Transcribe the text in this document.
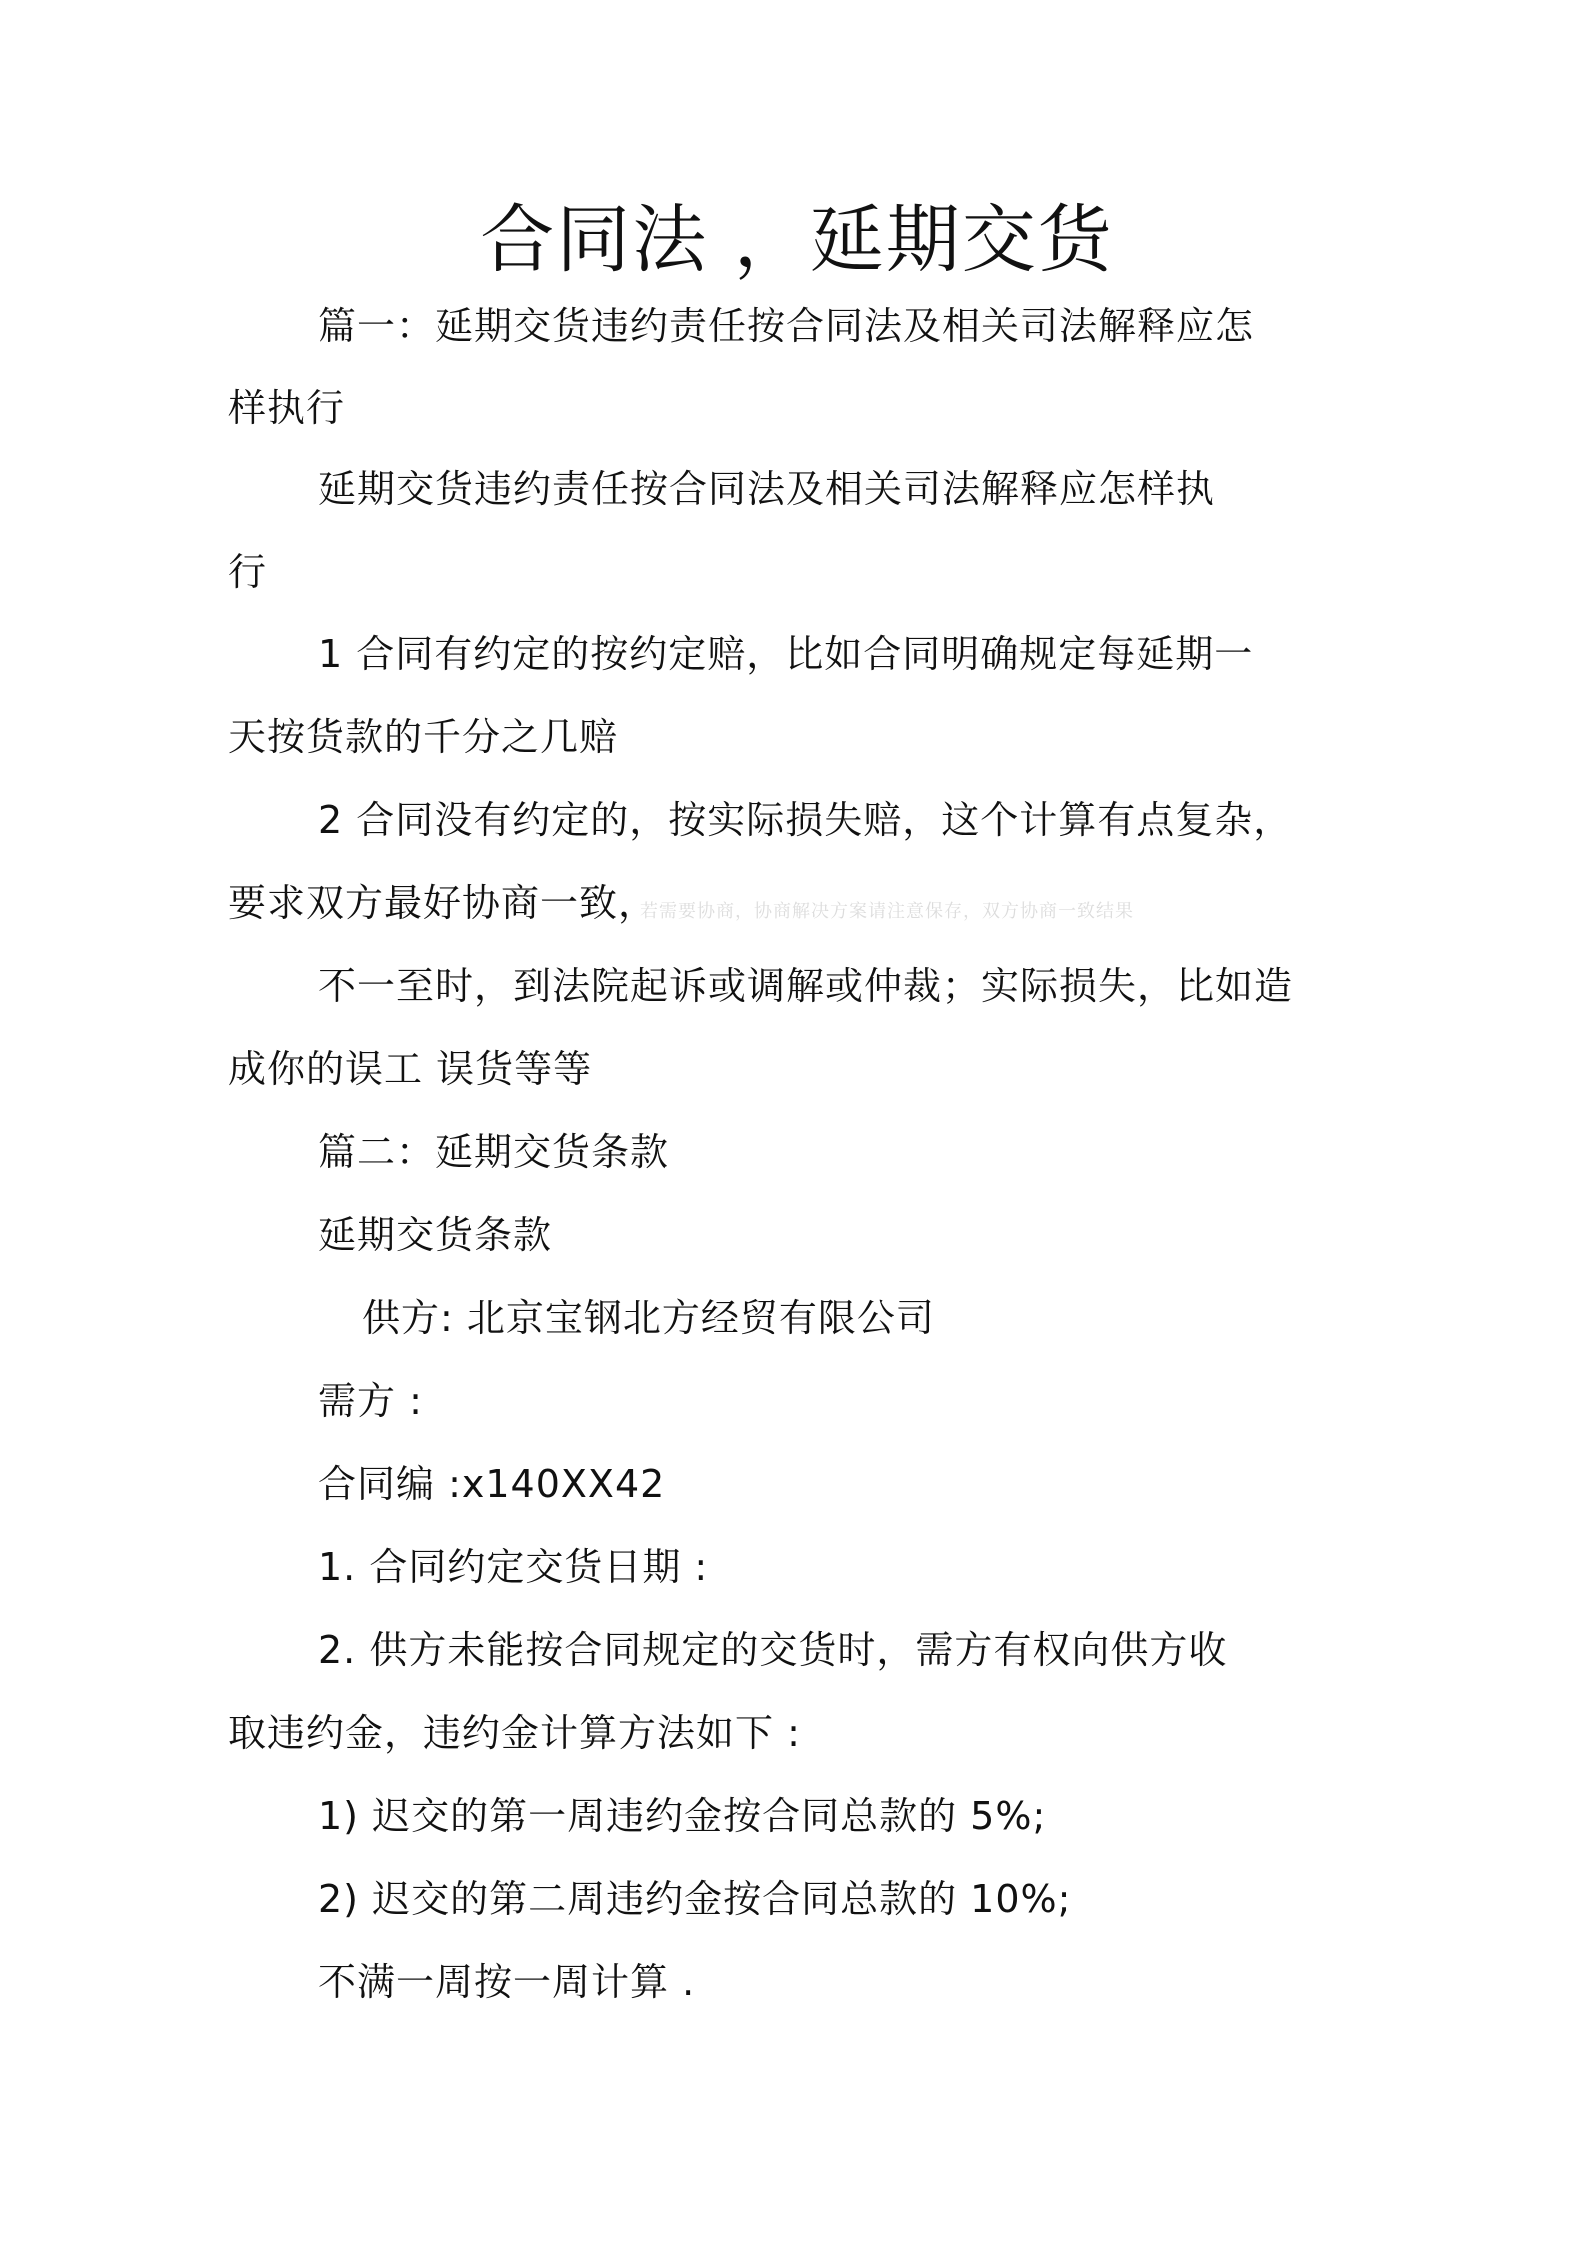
合同法 ，延期交货
篇一：延期交货违约责任按合同法及相关司法解释应怎
样执行
延期交货违约责任按合同法及相关司法解释应怎样执
行
1 合同有约定的按约定赔，比如合同明确规定每延期一
天按货款的千分之几赔
2 合同没有约定的，按实际损失赔，这个计算有点复杂，
要求双方最好协商一致，
若需要协商，协商解决方案请注意保存，双方协商一致结果
不一至时，到法院起诉或调解或仲裁；实际损失，比如造
成你的误工 误货等等
篇二：延期交货条款
延期交货条款
供方: 北京宝钢北方经贸有限公司
需方 :
合同编 :x140XX42
1. 合同约定交货日期 :
2. 供方未能按合同规定的交货时，需方有权向供方收
取违约金，违约金计算方法如下 :
1) 迟交的第一周违约金按合同总款的 5%;
2) 迟交的第二周违约金按合同总款的 10%;
不满一周按一周计算 .
